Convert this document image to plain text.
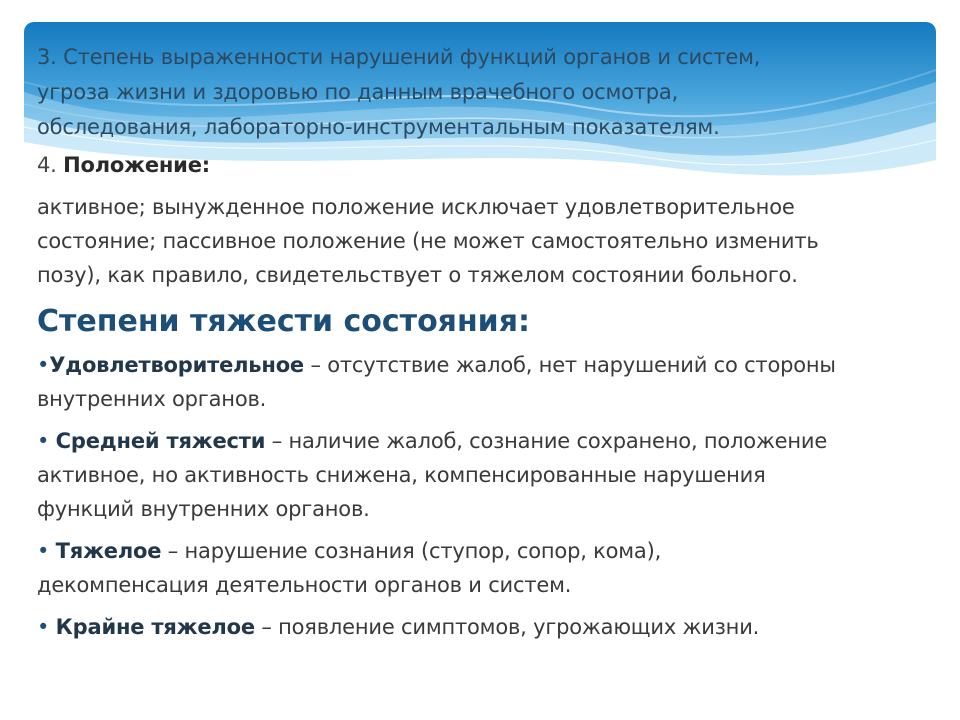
3. Степень выраженности нарушений функций органов и систем,
угроза жизни и здоровью по данным врачебного осмотра,
обследования, лабораторно-инструментальным показателям.
4. Положение:
активное; вынужденное положение исключает удовлетворительное
состояние; пассивное положение (не может самостоятельно изменить
позу), как правило, свидетельствует о тяжелом состоянии больного.
Степени тяжести состояния:
•Удовлетворительное – отсутствие жалоб, нет нарушений со стороны
внутренних органов.
• Средней тяжести – наличие жалоб, сознание сохранено, положение
активное, но активность снижена, компенсированные нарушения
функций внутренних органов.
• Тяжелое – нарушение сознания (ступор, сопор, кома),
декомпенсация деятельности органов и систем.
• Крайне тяжелое – появление симптомов, угрожающих жизни.
